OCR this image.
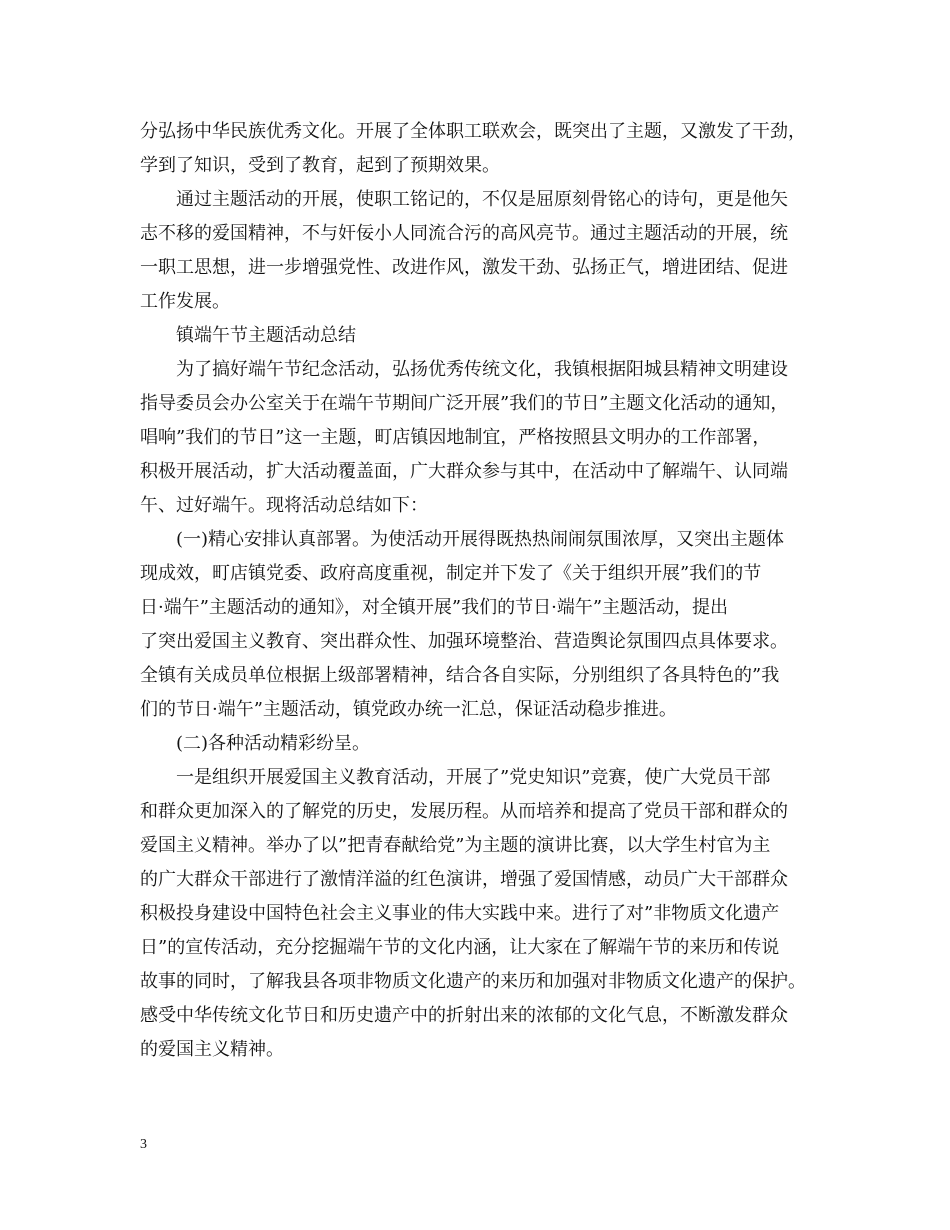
分弘扬中华民族优秀文化。开展了全体职工联欢会，既突出了主题，又激发了干劲，
学到了知识，受到了教育，起到了预期效果。
通过主题活动的开展，使职工铭记的，不仅是屈原刻骨铭心的诗句，更是他矢
志不移的爱国精神，不与奸佞小人同流合污的高风亮节。通过主题活动的开展，统
一职工思想，进一步增强党性、改进作风，激发干劲、弘扬正气，增进团结、促进
工作发展。
镇端午节主题活动总结
为了搞好端午节纪念活动，弘扬优秀传统文化，我镇根据阳城县精神文明建设
指导委员会办公室关于在端午节期间广泛开展”我们的节日”主题文化活动的通知，
唱响”我们的节日”这一主题，町店镇因地制宜，严格按照县文明办的工作部署，
积极开展活动，扩大活动覆盖面，广大群众参与其中，在活动中了解端午、认同端
午、过好端午。现将活动总结如下：
(一)精心安排认真部署。为使活动开展得既热热闹闹氛围浓厚，又突出主题体
现成效，町店镇党委、政府高度重视，制定并下发了《关于组织开展”我们的节
日·端午”主题活动的通知》，对全镇开展”我们的节日·端午”主题活动，提出
了突出爱国主义教育、突出群众性、加强环境整治、营造舆论氛围四点具体要求。
全镇有关成员单位根据上级部署精神，结合各自实际，分别组织了各具特色的”我
们的节日·端午”主题活动，镇党政办统一汇总，保证活动稳步推进。
(二)各种活动精彩纷呈。
一是组织开展爱国主义教育活动，开展了”党史知识”竞赛，使广大党员干部
和群众更加深入的了解党的历史，发展历程。从而培养和提高了党员干部和群众的
爱国主义精神。举办了以”把青春献给党”为主题的演讲比赛，以大学生村官为主
的广大群众干部进行了激情洋溢的红色演讲，增强了爱国情感，动员广大干部群众
积极投身建设中国特色社会主义事业的伟大实践中来。进行了对”非物质文化遗产
日”的宣传活动，充分挖掘端午节的文化内涵，让大家在了解端午节的来历和传说
故事的同时，了解我县各项非物质文化遗产的来历和加强对非物质文化遗产的保护。
感受中华传统文化节日和历史遗产中的折射出来的浓郁的文化气息，不断激发群众
的爱国主义精神。
3
